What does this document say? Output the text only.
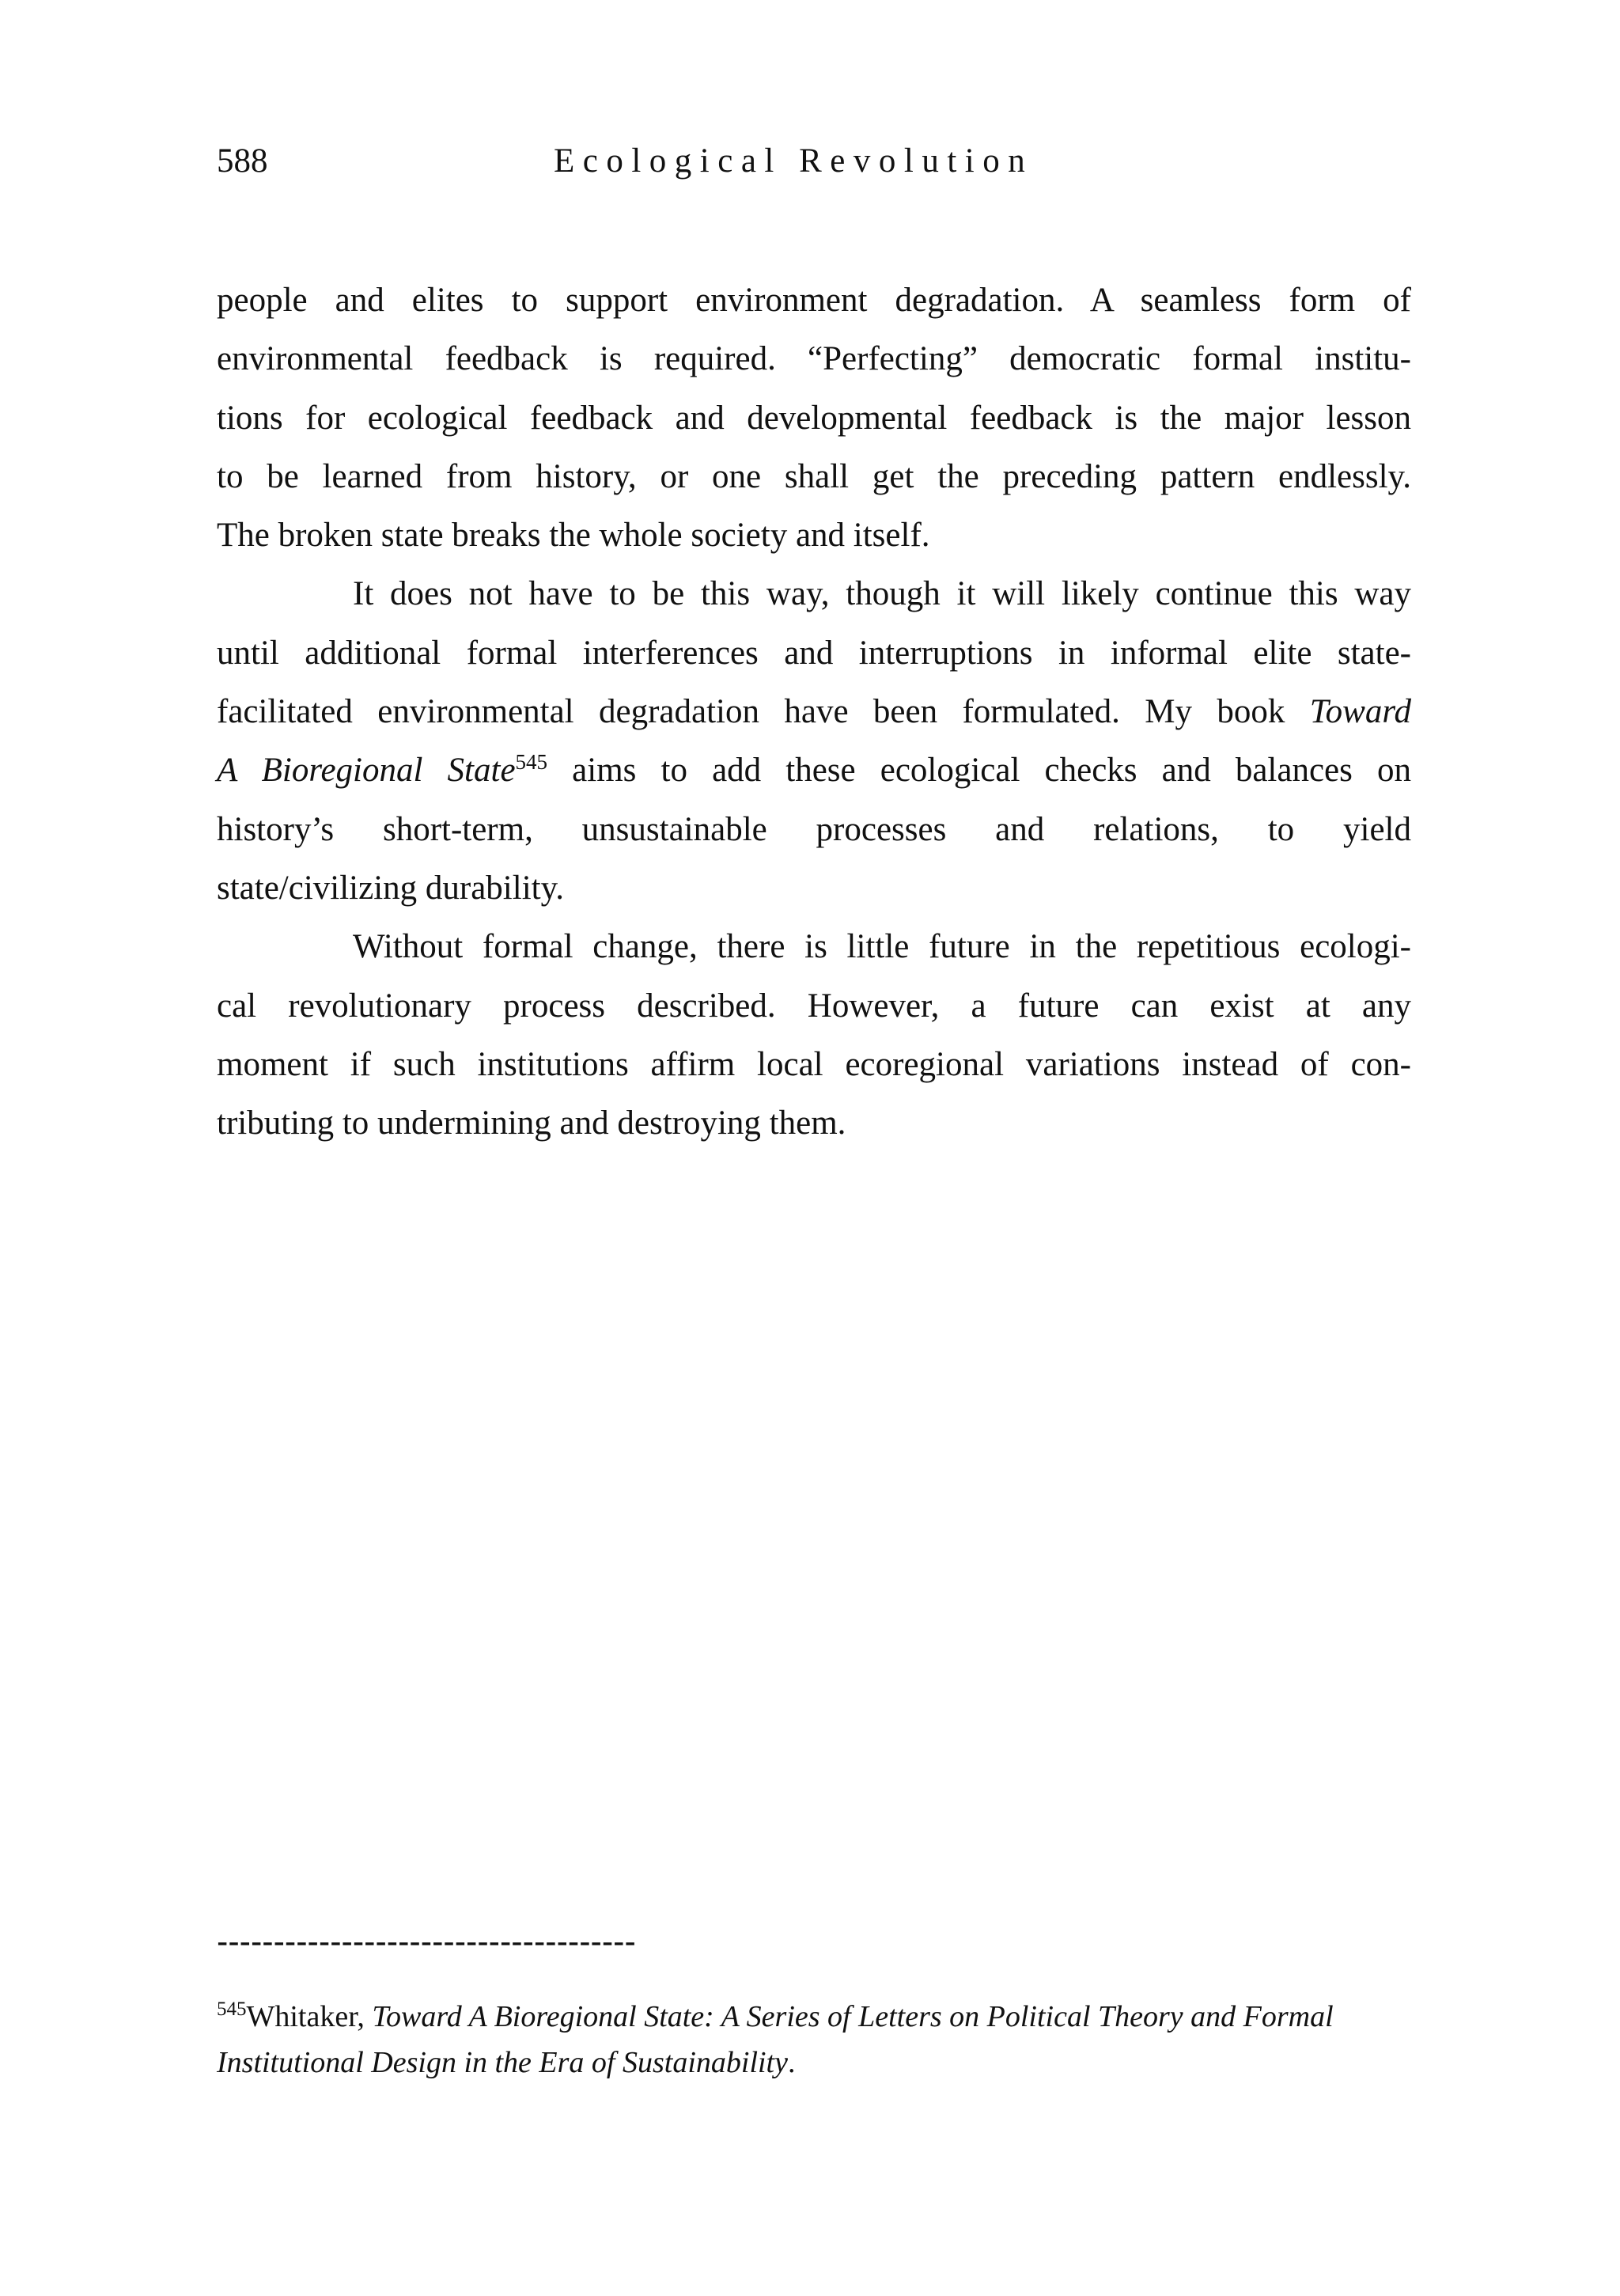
588	Ecological Revolution
people and elites to support environment degradation. A seamless form of
environmental feedback is required. “Perfecting” democratic formal institu-
tions for ecological feedback and developmental feedback is the major lesson
to be learned from history, or one shall get the preceding pattern endlessly.
The broken state breaks the whole society and itself.
It does not have to be this way, though it will likely continue this way
until additional formal interferences and interruptions in informal elite state-
facilitated environmental degradation have been formulated. My book Toward
A Bioregional State$^{545}$ aims to add these ecological checks and balances on
history’s short-term, unsustainable processes and relations, to yield
state/civilizing durability.
Without formal change, there is little future in the repetitious ecologi-
cal revolutionary process described. However, a future can exist at any
moment if such institutions affirm local ecoregional variations instead of con-
tributing to undermining and destroying them.
-------------------------------------
$^{545}$Whitaker, Toward A Bioregional State: A Series of Letters on Political Theory and Formal
Institutional Design in the Era of Sustainability.
